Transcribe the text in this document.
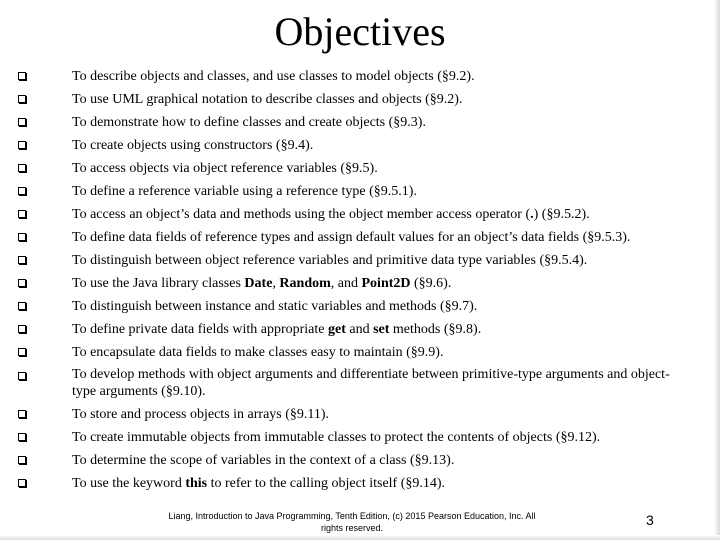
Objectives
To describe objects and classes, and use classes to model objects (§9.2).
To use UML graphical notation to describe classes and objects (§9.2).
To demonstrate how to define classes and create objects (§9.3).
To create objects using constructors (§9.4).
To access objects via object reference variables (§9.5).
To define a reference variable using a reference type (§9.5.1).
To access an object’s data and methods using the object member access operator (.) (§9.5.2).
To define data fields of reference types and assign default values for an object’s data fields (§9.5.3).
To distinguish between object reference variables and primitive data type variables (§9.5.4).
To use the Java library classes Date, Random, and Point2D (§9.6).
To distinguish between instance and static variables and methods (§9.7).
To define private data fields with appropriate get and set methods (§9.8).
To encapsulate data fields to make classes easy to maintain (§9.9).
To develop methods with object arguments and differentiate between primitive-type arguments and object-type arguments (§9.10).
To store and process objects in arrays (§9.11).
To create immutable objects from immutable classes to protect the contents of objects (§9.12).
To determine the scope of variables in the context of a class (§9.13).
To use the keyword this to refer to the calling object itself (§9.14).
Liang, Introduction to Java Programming, Tenth Edition, (c) 2015 Pearson Education, Inc. All
rights reserved.	3
